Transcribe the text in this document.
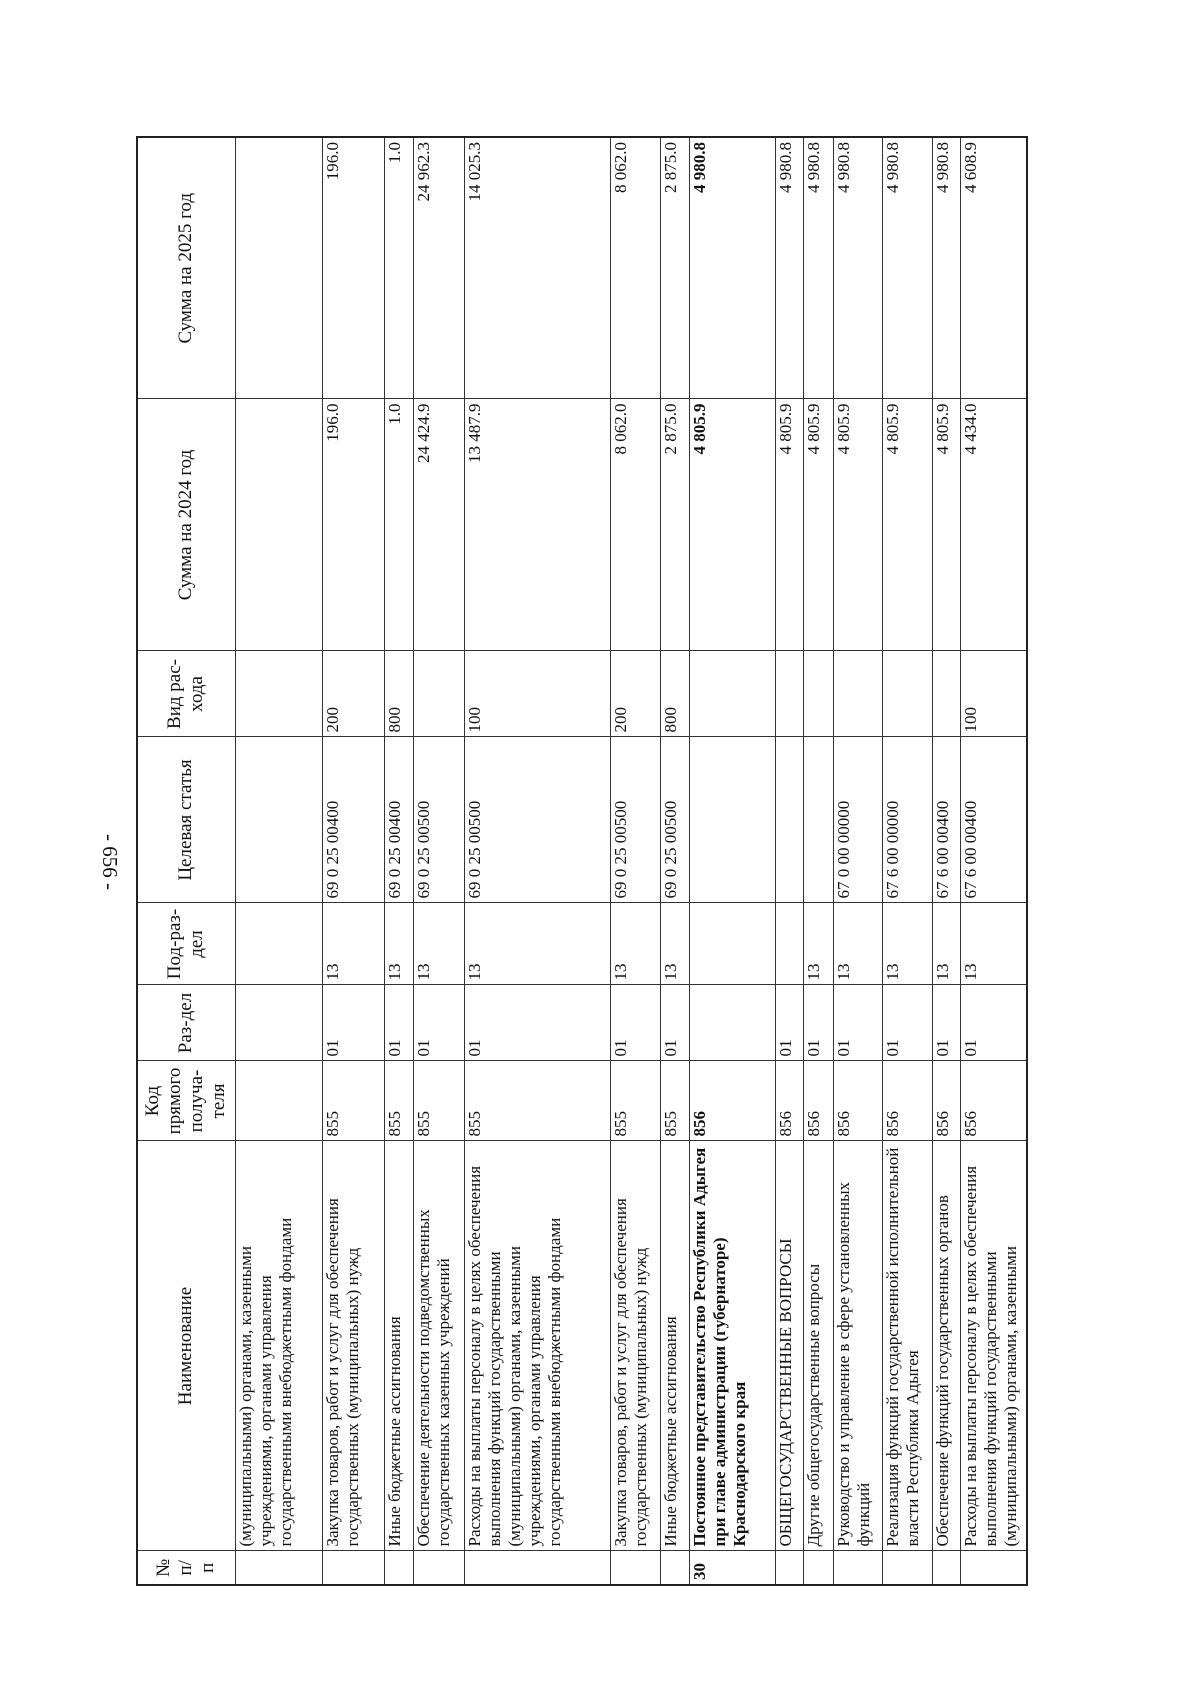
- 656 -
№ п/п	Наименование	Код прямого получа-теля	Раз-дел	Под-раз-дел	Целевая статья	Вид рас-хода	Сумма на 2024 год	Сумма на 2025 год
	(муниципальными) органами, казенными учреждениями, органами управления государственными внебюджетными фондами							
	Закупка товаров, работ и услуг для обеспечения государственных (муниципальных) нужд	855	01	13	69 0 25 00400	200	196.0	196.0
	Иные бюджетные ассигнования	855	01	13	69 0 25 00400	800	1.0	1.0
	Обеспечение деятельности подведомственных государственных казенных учреждений	855	01	13	69 0 25 00500		24 424.9	24 962.3
	Расходы на выплаты персоналу в целях обеспечения выполнения функций государственными (муниципальными) органами, казенными учреждениями, органами управления государственными внебюджетными фондами	855	01	13	69 0 25 00500	100	13 487.9	14 025.3
	Закупка товаров, работ и услуг для обеспечения государственных (муниципальных) нужд	855	01	13	69 0 25 00500	200	8 062.0	8 062.0
	Иные бюджетные ассигнования	855	01	13	69 0 25 00500	800	2 875.0	2 875.0
30	Постоянное представительство Республики Адыгея при главе администрации (губернаторе) Краснодарского края	856					4 805.9	4 980.8
	ОБЩЕГОСУДАРСТВЕННЫЕ ВОПРОСЫ	856	01				4 805.9	4 980.8
	Другие общегосударственные вопросы	856	01	13			4 805.9	4 980.8
	Руководство и управление в сфере установленных функций	856	01	13	67 0 00 00000		4 805.9	4 980.8
	Реализация функций государственной исполнительной власти Республики Адыгея	856	01	13	67 6 00 00000		4 805.9	4 980.8
	Обеспечение функций государственных органов	856	01	13	67 6 00 00400		4 805.9	4 980.8
	Расходы на выплаты персоналу в целях обеспечения выполнения функций государственными (муниципальными) органами, казенными	856	01	13	67 6 00 00400	100	4 434.0	4 608.9
